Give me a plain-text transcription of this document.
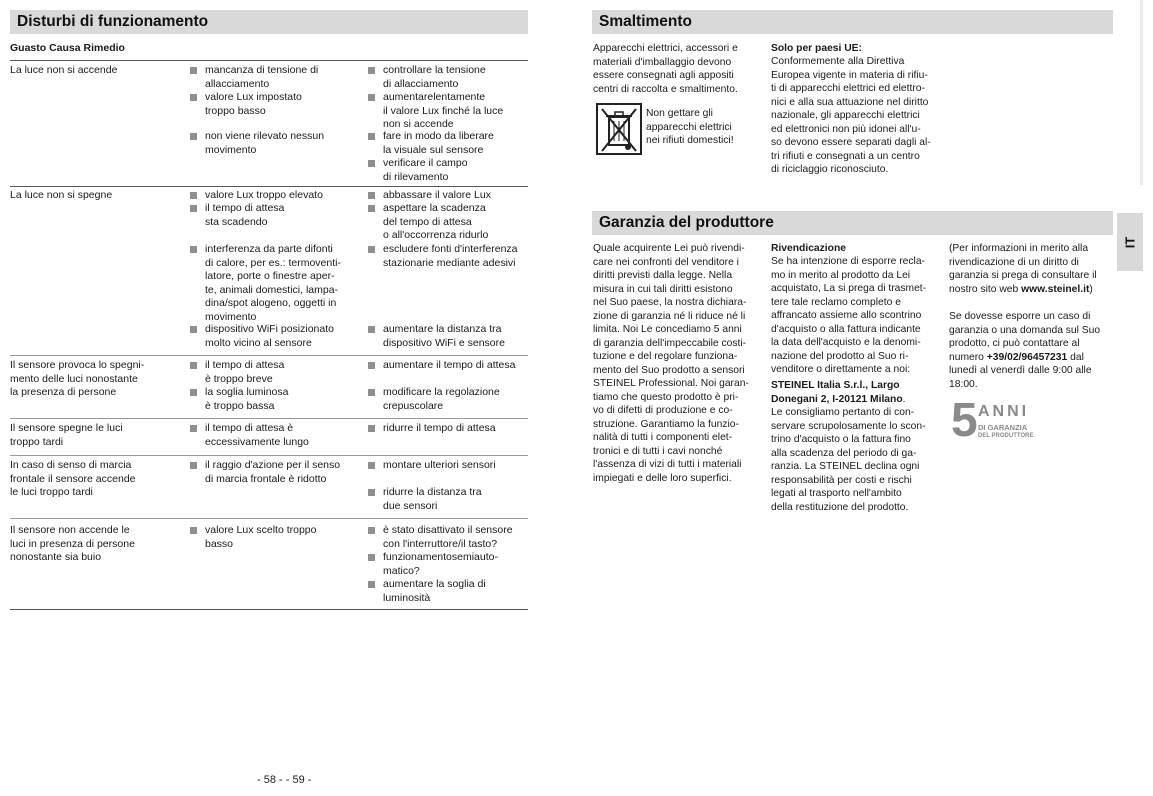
Disturbi di funzionamento
Guasto Causa Rimedio
La luce non si accende	mancanza di tensione di
allacciamento
valore Lux impostato
troppo basso
non viene rilevato nessun
movimento
controllare la tensione
di allacciamento
aumentarelentamente
il valore Lux finché la luce
non si accende
fare in modo da liberare
la visuale sul sensore
verificare il campo
di rilevamento
La luce non si spegne	valore Lux troppo elevato
il tempo di attesa
sta scadendo
interferenza da parte difonti
di calore, per es.: termoventi-
latore, porte o finestre aper-
te, animali domestici, lampa-
dina/spot alogeno, oggetti in
movimento
dispositivo WiFi posizionato
molto vicino al sensore
abbassare il valore Lux
aspettare la scadenza
del tempo di attesa
o all'occorrenza ridurlo
escludere fonti d'interferenza
stazionarie mediante adesivi
aumentare la distanza tra
dispositivo WiFi e sensore
Il sensore provoca lo spegni-
mento delle luci nonostante
la presenza di persone
il tempo di attesa
è troppo breve
la soglia luminosa
è troppo bassa
aumentare il tempo di attesa
modificare la regolazione
crepuscolare
Il sensore spegne le luci
troppo tardi
il tempo di attesa è
eccessivamente lungo
ridurre il tempo di attesa
In caso di senso di marcia
frontale il sensore accende
le luci troppo tardi
il raggio d'azione per il senso
di marcia frontale è ridotto
montare ulteriori sensori
ridurre la distanza tra
due sensori
Il sensore non accende le
luci in presenza di persone
nonostante sia buio
valore Lux scelto troppo
basso
è stato disattivato il sensore
con l'interruttore/il tasto?
funzionamentosemiauto-
matico?
aumentare la soglia di
luminosità
- 58 - - 59 -
Smaltimento
Apparecchi elettrici, accessori e
materiali d'imballaggio devono
essere consegnati agli appositi
centri di raccolta e smaltimento.
Non gettare gli
apparecchi elettrici
nei rifiuti domestici!
Solo per paesi UE:
Conformemente alla Direttiva
Europea vigente in materia di rifiu-
ti di apparecchi elettrici ed elettro-
nici e alla sua attuazione nel diritto
nazionale, gli apparecchi elettrici
ed elettronici non più idonei all'u-
so devono essere separati dagli al-
tri rifiuti e consegnati a un centro
di riciclaggio riconosciuto.
Garanzia del produttore
IT
Quale acquirente Lei può rivendi-
care nei confronti del venditore i
diritti previsti dalla legge. Nella
misura in cui tali diritti esistono
nel Suo paese, la nostra dichiara-
zione di garanzia né li riduce né li
limita. Noi Le concediamo 5 anni
di garanzia dell'impeccabile costi-
tuzione e del regolare funziona-
mento del Suo prodotto a sensori
STEINEL Professional. Noi garan-
tiamo che questo prodotto è pri-
vo di difetti di produzione e co-
struzione. Garantiamo la funzio-
nalità di tutti i componenti elet-
tronici e di tutti i cavi nonché
l'assenza di vizi di tutti i materiali
impiegati e delle loro superfici.
Rivendicazione
Se ha intenzione di esporre recla-
mo in merito al prodotto da Lei
acquistato, La si prega di trasmet-
tere tale reclamo completo e
affrancato assieme allo scontrino
d'acquisto o alla fattura indicante
la data dell'acquisto e la denomi-
nazione del prodotto al Suo ri-
venditore o direttamente a noi:
STEINEL Italia S.r.l., Largo
Donegani 2, I-20121 Milano.
Le consigliamo pertanto di con-
servare scrupolosamente lo scon-
trino d'acquisto o la fattura fino
alla scadenza del periodo di ga-
ranzia. La STEINEL declina ogni
responsabilità per costi e rischi
legati al trasporto nell'ambito
della restituzione del prodotto.
(Per informazioni in merito alla
rivendicazione di un diritto di
garanzia si prega di consultare il
nostro sito web www.steinel.it)
Se dovesse esporre un caso di
garanzia o una domanda sul Suo
prodotto, ci può contattare al
numero +39/02/96457231 dal
lunedì al venerdì dalle 9:00 alle
18:00.
5 ANNI
DI GARANZIA
DEL PRODUTTORE
